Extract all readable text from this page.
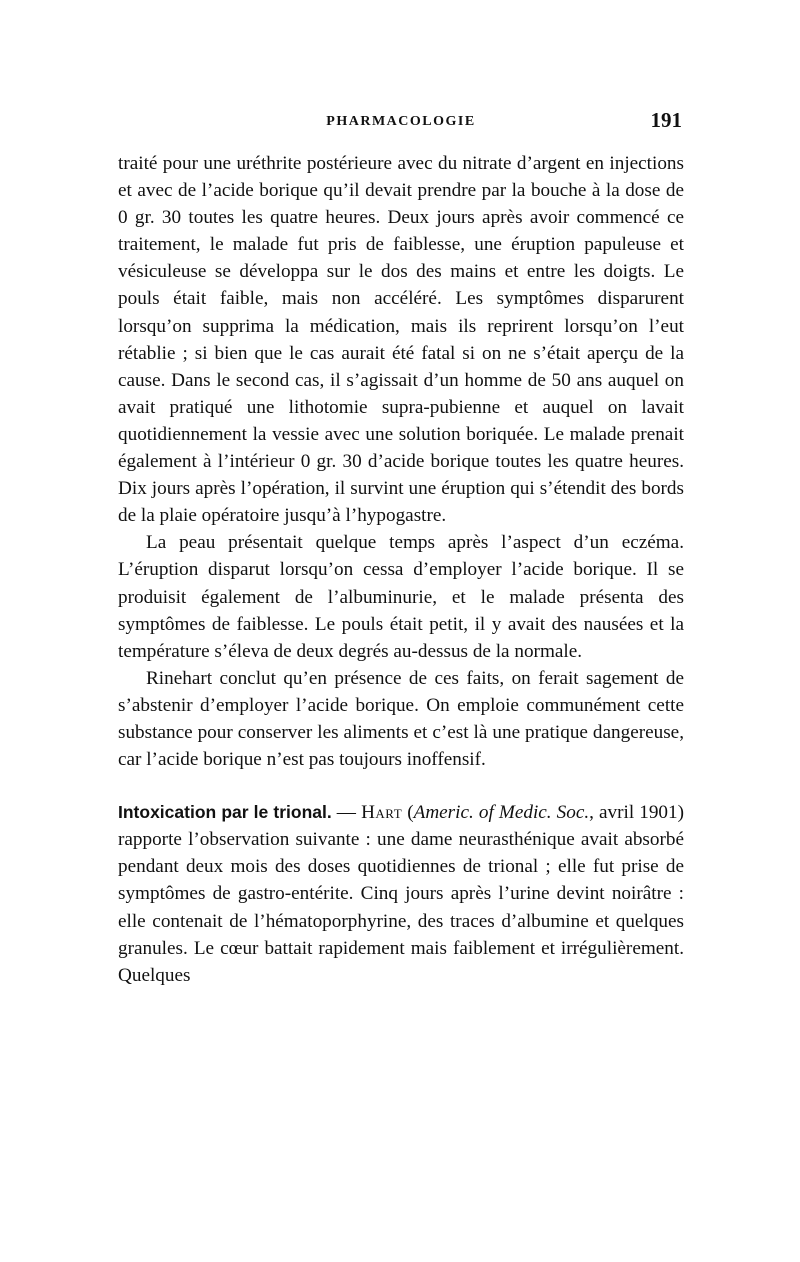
PHARMACOLOGIE	191

traité pour une uréthrite postérieure avec du nitrate d’argent en injections et avec de l’acide borique qu’il devait prendre par la bouche à la dose de 0 gr. 30 toutes les quatre heures. Deux jours après avoir commencé ce traitement, le malade fut pris de faiblesse, une éruption papuleuse et vésiculeuse se développa sur le dos des mains et entre les doigts. Le pouls était faible, mais non accéléré. Les symptômes disparurent lorsqu’on supprima la médication, mais ils reprirent lorsqu’on l’eut rétablie ; si bien que le cas aurait été fatal si on ne s’était aperçu de la cause. Dans le second cas, il s’agissait d’un homme de 50 ans auquel on avait pratiqué une lithotomie supra-pubienne et auquel on lavait quotidiennement la vessie avec une solution boriquée. Le malade prenait également à l’intérieur 0 gr. 30 d’acide borique toutes les quatre heures. Dix jours après l’opération, il survint une éruption qui s’étendit des bords de la plaie opératoire jusqu’à l’hypogastre.

La peau présentait quelque temps après l’aspect d’un eczéma. L’éruption disparut lorsqu’on cessa d’employer l’acide borique. Il se produisit également de l’albuminurie, et le malade présenta des symptômes de faiblesse. Le pouls était petit, il y avait des nausées et la température s’éleva de deux degrés au-dessus de la normale.

Rinehart conclut qu’en présence de ces faits, on ferait sagement de s’abstenir d’employer l’acide borique. On emploie communément cette substance pour conserver les aliments et c’est là une pratique dangereuse, car l’acide borique n’est pas toujours inoffensif.

Intoxication par le trional. — Hart (Americ. of Medic. Soc., avril 1901) rapporte l’observation suivante : une dame neurasthénique avait absorbé pendant deux mois des doses quotidiennes de trional ; elle fut prise de symptômes de gastro-entérite. Cinq jours après l’urine devint noirâtre : elle contenait de l’hématoporphyrine, des traces d’albumine et quelques granules. Le cœur battait rapidement mais faiblement et irrégulièrement. Quelques
